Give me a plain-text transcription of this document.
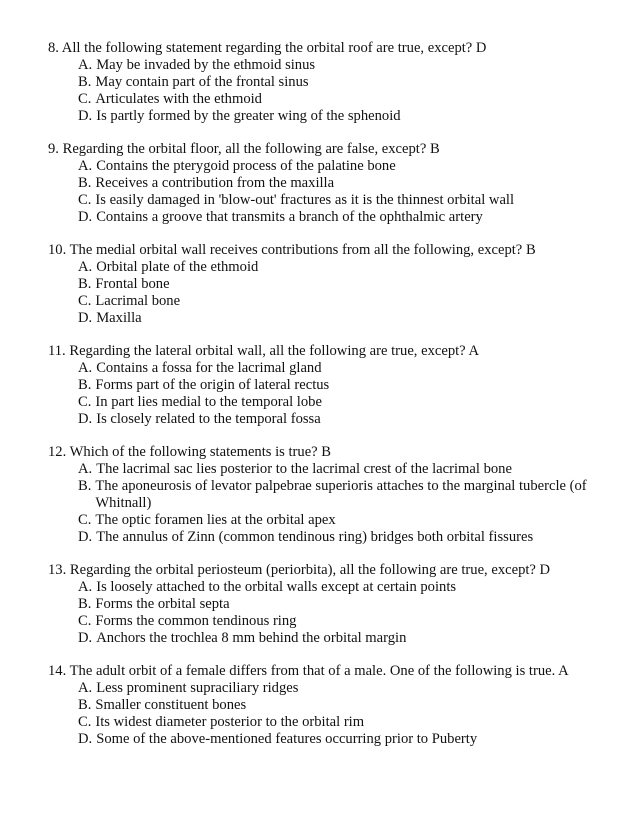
8. All the following statement regarding the orbital roof are true, except? D
A. May be invaded by the ethmoid sinus
B. May contain part of the frontal sinus
C. Articulates with the ethmoid
D. Is partly formed by the greater wing of the sphenoid
9. Regarding the orbital floor, all the following are false, except? B
A. Contains the pterygoid process of the palatine bone
B. Receives a contribution from the maxilla
C. Is easily damaged in 'blow-out' fractures as it is the thinnest orbital wall
D. Contains a groove that transmits a branch of the ophthalmic artery
10. The medial orbital wall receives contributions from all the following, except? B
A. Orbital plate of the ethmoid
B. Frontal bone
C. Lacrimal bone
D. Maxilla
11. Regarding the lateral orbital wall, all the following are true, except? A
A. Contains a fossa for the lacrimal gland
B. Forms part of the origin of lateral rectus
C. In part lies medial to the temporal lobe
D. Is closely related to the temporal fossa
12. Which of the following statements is true? B
A. The lacrimal sac lies posterior to the lacrimal crest of the lacrimal bone
B. The aponeurosis of levator palpebrae superioris attaches to the marginal tubercle (of Whitnall)
C. The optic foramen lies at the orbital apex
D. The annulus of Zinn (common tendinous ring) bridges both orbital fissures
13. Regarding the orbital periosteum (periorbita), all the following are true, except? D
A. Is loosely attached to the orbital walls except at certain points
B. Forms the orbital septa
C. Forms the common tendinous ring
D. Anchors the trochlea 8 mm behind the orbital margin
14. The adult orbit of a female differs from that of a male. One of the following is true. A
A. Less prominent supraciliary ridges
B. Smaller constituent bones
C. Its widest diameter posterior to the orbital rim
D. Some of the above-mentioned features occurring prior to Puberty
